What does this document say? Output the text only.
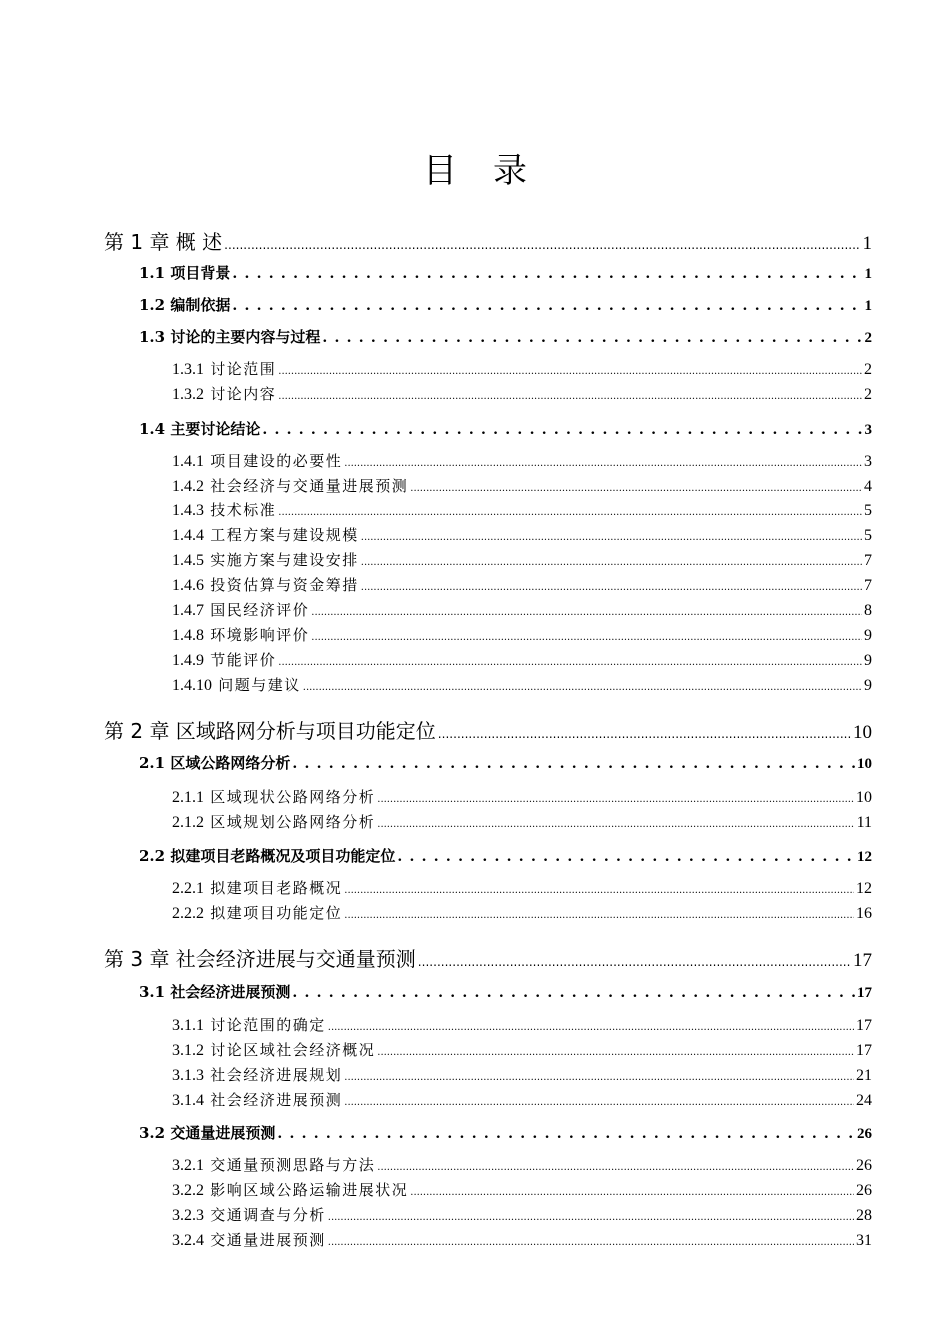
目 录
第 1 章 概 述 . . .	1
1.1 项目背景 . . .	1
1.2 编制依据 . . .	1
1.3 讨论的主要内容与过程 . . .	2
1.3.1 讨论范围 . . .	2
1.3.2 讨论内容 . . .	2
1.4 主要讨论结论 . . .	3
1.4.1 项目建设的必要性 . . .	3
1.4.2 社会经济与交通量进展预测 . . .	4
1.4.3 技术标准 . . .	5
1.4.4 工程方案与建设规模 . . .	5
1.4.5 实施方案与建设安排 . . .	7
1.4.6 投资估算与资金筹措 . . .	7
1.4.7 国民经济评价 . . .	8
1.4.8 环境影响评价 . . .	9
1.4.9 节能评价 . . .	9
1.4.10 问题与建议 . . .	9
第 2 章 区域路网分析与项目功能定位 . . .	10
2.1 区域公路网络分析 . . .	10
2.1.1 区域现状公路网络分析 . . .	10
2.1.2 区域规划公路网络分析 . . .	11
2.2 拟建项目老路概况及项目功能定位 . . .	12
2.2.1 拟建项目老路概况 . . .	12
2.2.2 拟建项目功能定位 . . .	16
第 3 章 社会经济进展与交通量预测 . . .	17
3.1 社会经济进展预测 . . .	17
3.1.1 讨论范围的确定 . . .	17
3.1.2 讨论区域社会经济概况 . . .	17
3.1.3 社会经济进展规划 . . .	21
3.1.4 社会经济进展预测 . . .	24
3.2 交通量进展预测 . . .	26
3.2.1 交通量预测思路与方法 . . .	26
3.2.2 影响区域公路运输进展状况 . . .	26
3.2.3 交通调查与分析 . . .	28
3.2.4 交通量进展预测 . . .	31
